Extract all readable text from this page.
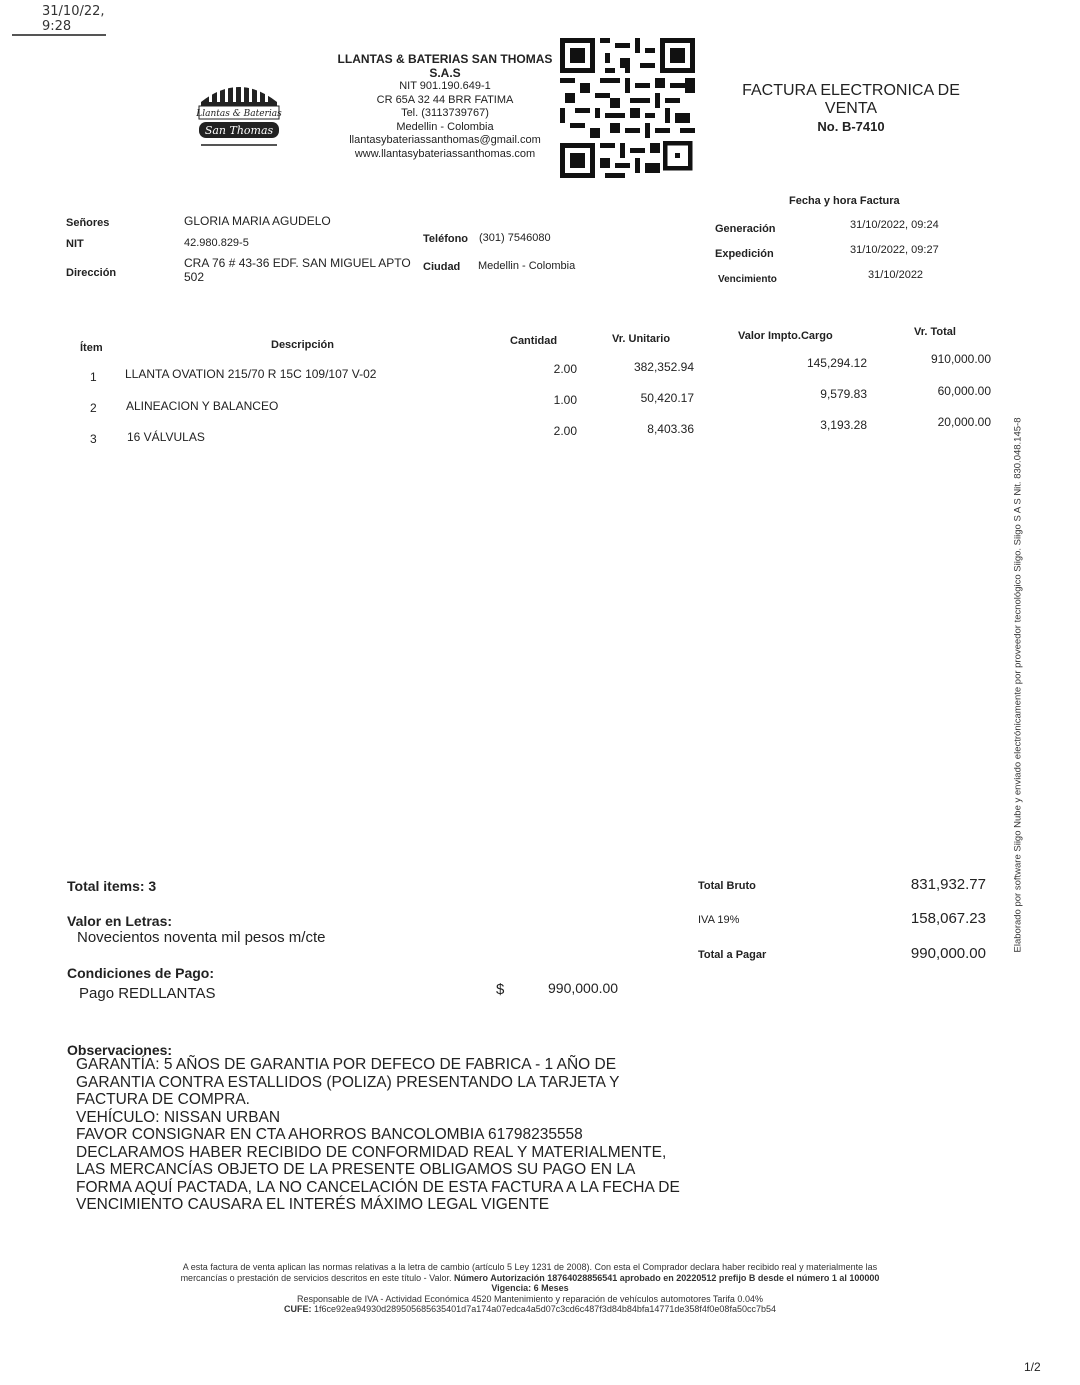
31/10/22, 9:28
Llantas & Baterias
San Thomas
LLANTAS & BATERIAS SAN THOMAS
S.A.S
NIT 901.190.649-1
CR 65A 32 44 BRR FATIMA
Tel. (3113739767)
Medellin - Colombia
llantasybateriassanthomas@gmail.com
www.llantasybateriassanthomas.com
FACTURA ELECTRONICA DE
VENTA
No. B-7410
Fecha y hora Factura
Generación	31/10/2022, 09:24
Expedición	31/10/2022, 09:27
Vencimiento	31/10/2022
Señores	GLORIA MARIA AGUDELO
NIT	42.980.829-5
Dirección
CRA 76 # 43-36 EDF. SAN MIGUEL APTO
502
Teléfono (301) 7546080
Ciudad Medellin - Colombia
Ítem	Descripción	Cantidad	Vr. Unitario	Valor Impto.Cargo	Vr. Total
1 LLANTA OVATION 215/70 R 15C 109/107 V-02	2.00	382,352.94	145,294.12	910,000.00
2 ALINEACION Y BALANCEO	1.00	50,420.17	9,579.83	60,000.00
3	16 VÁLVULAS	2.00	8,403.36	3,193.28	20,000.00
Total items: 3
Valor en Letras:
Novecientos noventa mil pesos m/cte
Condiciones de Pago:
Pago REDLLANTAS	$	990,000.00
Total Bruto	831,932.77
IVA 19%	158,067.23
Total a Pagar	990,000.00
Observaciones:
GARANTÍA: 5 AÑOS DE GARANTIA POR DEFECO DE FABRICA - 1 AÑO DE
GARANTIA CONTRA ESTALLIDOS (POLIZA) PRESENTANDO LA TARJETA Y
FACTURA DE COMPRA.
VEHÍCULO: NISSAN URBAN
FAVOR CONSIGNAR EN CTA AHORROS BANCOLOMBIA 61798235558
DECLARAMOS HABER RECIBIDO DE CONFORMIDAD REAL Y MATERIALMENTE,
LAS MERCANCÍAS OBJETO DE LA PRESENTE OBLIGAMOS SU PAGO EN LA
FORMA AQUÍ PACTADA, LA NO CANCELACIÓN DE ESTA FACTURA A LA FECHA DE
VENCIMIENTO CAUSARA EL INTERÉS MÁXIMO LEGAL VIGENTE
A esta factura de venta aplican las normas relativas a la letra de cambio (artículo 5 Ley 1231 de 2008). Con esta el Comprador declara haber recibido real y materialmente las
mercancías o prestación de servicios descritos en este título - Valor. Número Autorización 18764028856541 aprobado en 20220512 prefijo B desde el número 1 al 100000
Vigencia: 6 Meses
Responsable de IVA - Actividad Económica 4520 Mantenimiento y reparación de vehículos automotores Tarifa 0.04%
CUFE: 1f6ce92ea94930d289505685635401d7a174a07edca4a5d07c3cd6c487f3d84b84bfa14771de358f4f0e08fa50cc7b54
Elaborado por software Siigo Nube y enviado electrónicamente por proveedor tecnológico Siigo. Siigo S A S Nit. 830.048.145-8
1/2
